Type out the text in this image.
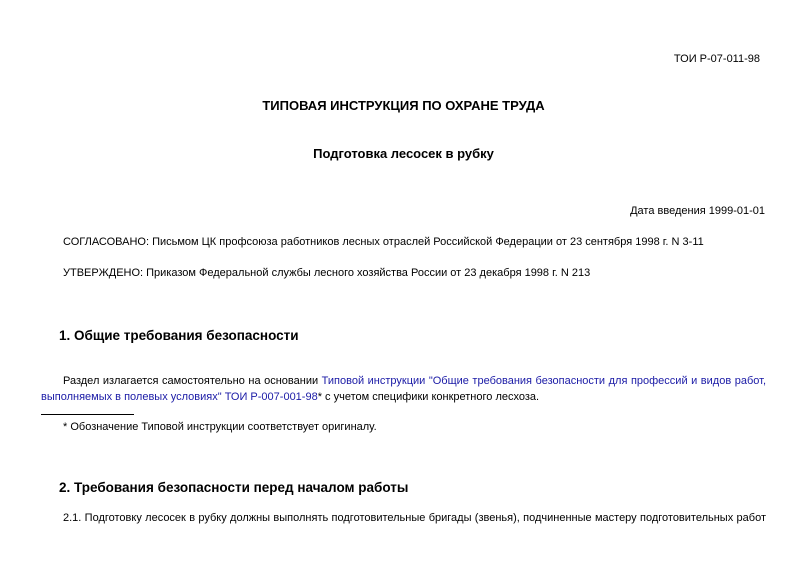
ТОИ Р-07-011-98
ТИПОВАЯ ИНСТРУКЦИЯ ПО ОХРАНЕ ТРУДА
Подготовка лесосек в рубку
Дата введения 1999-01-01
СОГЛАСОВАНО: Письмом ЦК профсоюза работников лесных отраслей Российской Федерации от 23 сентября 1998 г. N 3-11
УТВЕРЖДЕНО: Приказом Федеральной службы лесного хозяйства России от 23 декабря 1998 г. N 213
1. Общие требования безопасности
Раздел излагается самостоятельно на основании Типовой инструкции "Общие требования безопасности для профессий и видов работ, выполняемых в полевых условиях" ТОИ Р-007-001-98* с учетом специфики конкретного лесхоза.
* Обозначение Типовой инструкции соответствует оригиналу.
2. Требования безопасности перед началом работы
2.1. Подготовку лесосек в рубку должны выполнять подготовительные бригады (звенья), подчиненные мастеру подготовительных работ
